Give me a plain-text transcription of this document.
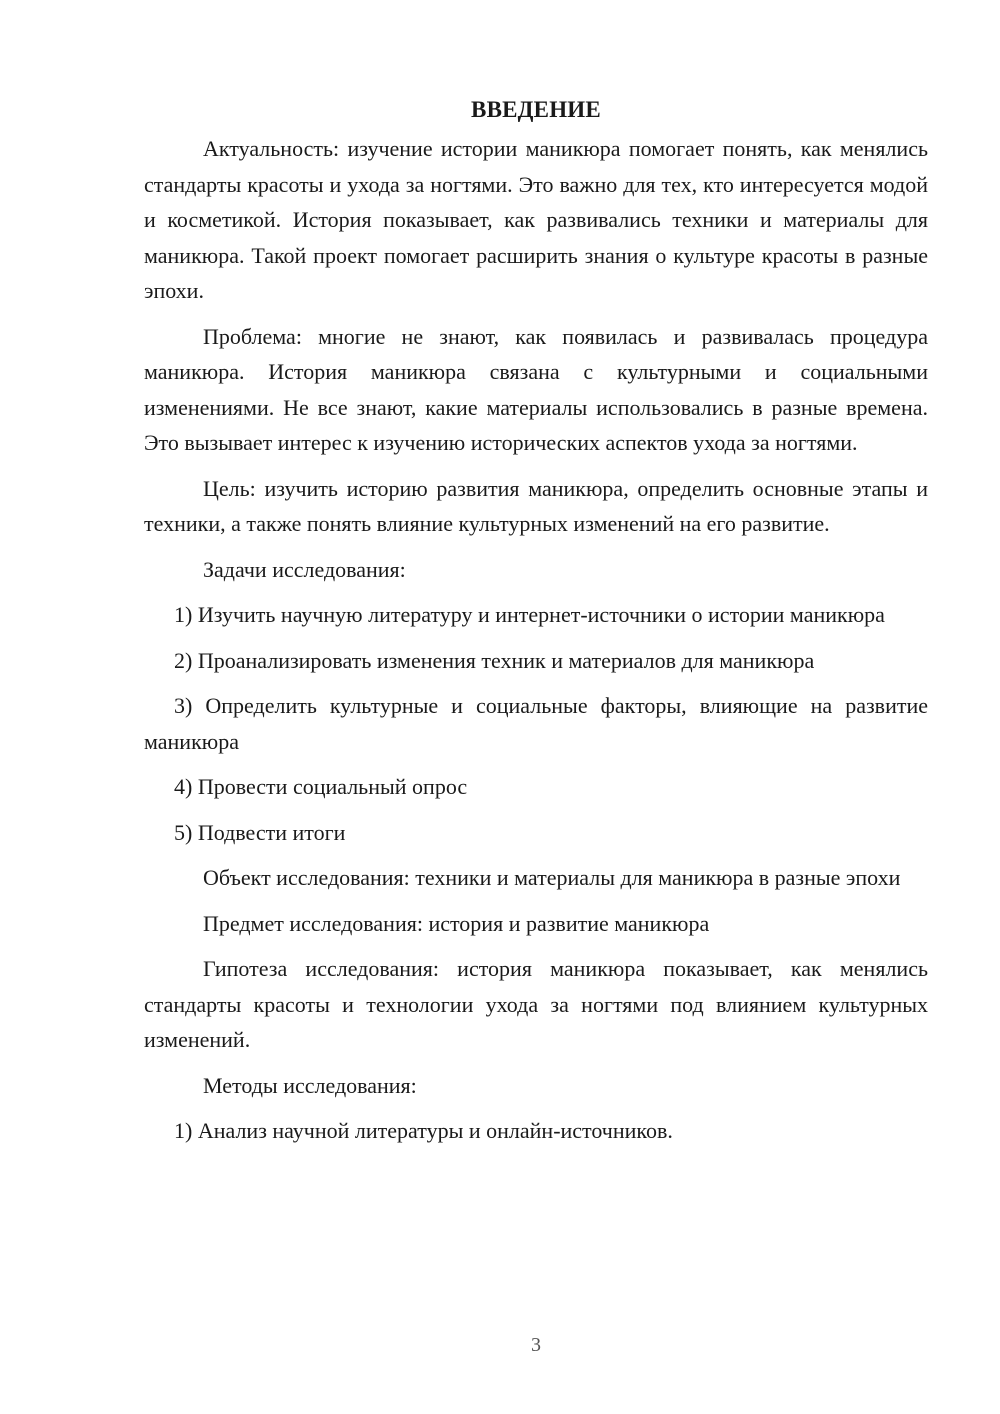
ВВЕДЕНИЕ

Актуальность: изучение истории маникюра помогает понять, как менялись стандарты красоты и ухода за ногтями. Это важно для тех, кто интересуется модой и косметикой. История показывает, как развивались техники и материалы для маникюра. Такой проект помогает расширить знания о культуре красоты в разные эпохи.

Проблема: многие не знают, как появилась и развивалась процедура маникюра. История маникюра связана с культурными и социальными изменениями. Не все знают, какие материалы использовались в разные времена. Это вызывает интерес к изучению исторических аспектов ухода за ногтями.

Цель: изучить историю развития маникюра, определить основные этапы и техники, а также понять влияние культурных изменений на его развитие.

Задачи исследования:

1) Изучить научную литературу и интернет-источники о истории маникюра

2) Проанализировать изменения техник и материалов для маникюра

3) Определить культурные и социальные факторы, влияющие на развитие маникюра

4) Провести социальный опрос

5) Подвести итоги

Объект исследования: техники и материалы для маникюра в разные эпохи

Предмет исследования: история и развитие маникюра

Гипотеза исследования: история маникюра показывает, как менялись стандарты красоты и технологии ухода за ногтями под влиянием культурных изменений.

Методы исследования:

1) Анализ научной литературы и онлайн-источников.

3
